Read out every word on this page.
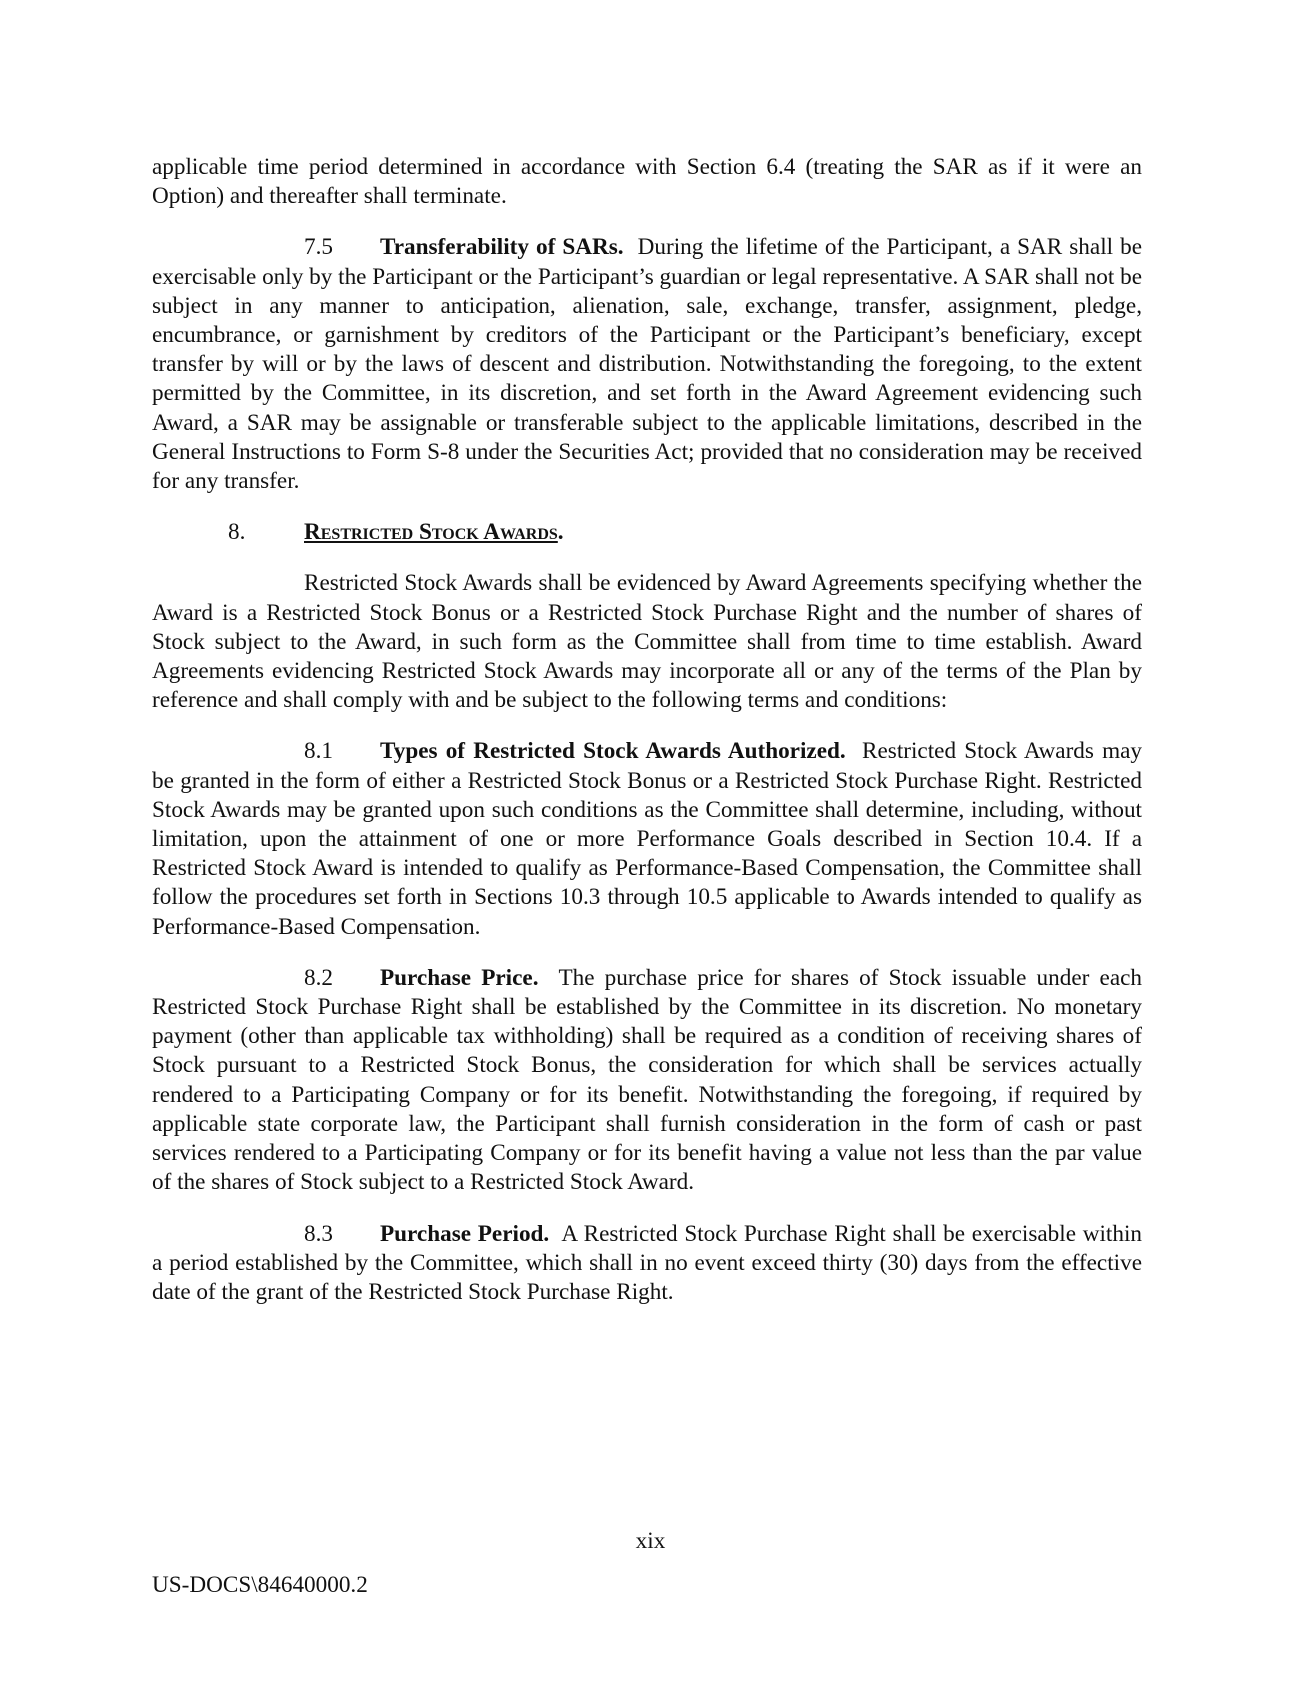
applicable time period determined in accordance with Section 6.4 (treating the SAR as if it were an Option) and thereafter shall terminate.

7.5 Transferability of SARs. During the lifetime of the Participant, a SAR shall be exercisable only by the Participant or the Participant’s guardian or legal representative. A SAR shall not be subject in any manner to anticipation, alienation, sale, exchange, transfer, assignment, pledge, encumbrance, or garnishment by creditors of the Participant or the Participant’s beneficiary, except transfer by will or by the laws of descent and distribution. Notwithstanding the foregoing, to the extent permitted by the Committee, in its discretion, and set forth in the Award Agreement evidencing such Award, a SAR may be assignable or transferable subject to the applicable limitations, described in the General Instructions to Form S-8 under the Securities Act; provided that no consideration may be received for any transfer.

8.	Restricted Stock Awards.

Restricted Stock Awards shall be evidenced by Award Agreements specifying whether the Award is a Restricted Stock Bonus or a Restricted Stock Purchase Right and the number of shares of Stock subject to the Award, in such form as the Committee shall from time to time establish. Award Agreements evidencing Restricted Stock Awards may incorporate all or any of the terms of the Plan by reference and shall comply with and be subject to the following terms and conditions:

8.1 Types of Restricted Stock Awards Authorized. Restricted Stock Awards may be granted in the form of either a Restricted Stock Bonus or a Restricted Stock Purchase Right. Restricted Stock Awards may be granted upon such conditions as the Committee shall determine, including, without limitation, upon the attainment of one or more Performance Goals described in Section 10.4. If a Restricted Stock Award is intended to qualify as Performance-Based Compensation, the Committee shall follow the procedures set forth in Sections 10.3 through 10.5 applicable to Awards intended to qualify as Performance-Based Compensation.

8.2 Purchase Price. The purchase price for shares of Stock issuable under each Restricted Stock Purchase Right shall be established by the Committee in its discretion. No monetary payment (other than applicable tax withholding) shall be required as a condition of receiving shares of Stock pursuant to a Restricted Stock Bonus, the consideration for which shall be services actually rendered to a Participating Company or for its benefit. Notwithstanding the foregoing, if required by applicable state corporate law, the Participant shall furnish consideration in the form of cash or past services rendered to a Participating Company or for its benefit having a value not less than the par value of the shares of Stock subject to a Restricted Stock Award.

8.3 Purchase Period. A Restricted Stock Purchase Right shall be exercisable within a period established by the Committee, which shall in no event exceed thirty (30) days from the effective date of the grant of the Restricted Stock Purchase Right.

xix
US-DOCS\84640000.2
